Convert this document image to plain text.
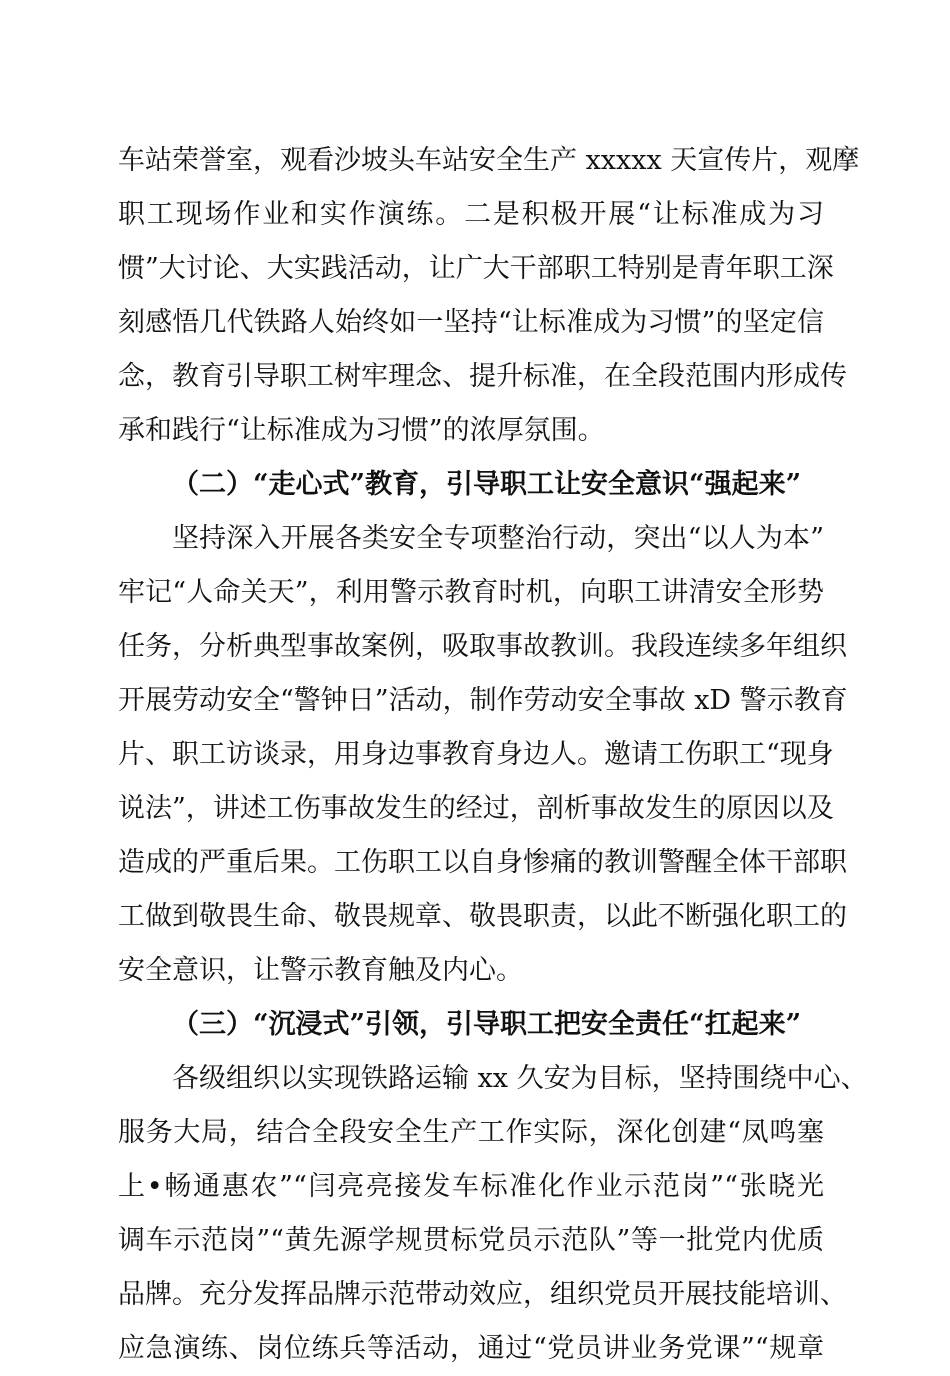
车站荣誉室，观看沙坡头车站安全生产 xxxxx 天宣传片，观摩
职工现场作业和实作演练。二是积极开展“让标准成为习
惯”大讨论、大实践活动，让广大干部职工特别是青年职工深
刻感悟几代铁路人始终如一坚持“让标准成为习惯”的坚定信
念，教育引导职工树牢理念、提升标准，在全段范围内形成传
承和践行“让标准成为习惯”的浓厚氛围。
（二）“走心式”教育，引导职工让安全意识“强起来”
坚持深入开展各类安全专项整治行动，突出“以人为本”
牢记“人命关天”，利用警示教育时机，向职工讲清安全形势
任务，分析典型事故案例，吸取事故教训。我段连续多年组织
开展劳动安全“警钟日”活动，制作劳动安全事故 xD 警示教育
片、职工访谈录，用身边事教育身边人。邀请工伤职工“现身
说法”，讲述工伤事故发生的经过，剖析事故发生的原因以及
造成的严重后果。工伤职工以自身惨痛的教训警醒全体干部职
工做到敬畏生命、敬畏规章、敬畏职责，以此不断强化职工的
安全意识，让警示教育触及内心。
（三）“沉浸式”引领，引导职工把安全责任“扛起来”
各级组织以实现铁路运输 xx 久安为目标，坚持围绕中心、
服务大局，结合全段安全生产工作实际，深化创建“凤鸣塞
上•畅通惠农”“闫亮亮接发车标准化作业示范岗”“张晓光
调车示范岗”“黄先源学规贯标党员示范队”等一批党内优质
品牌。充分发挥品牌示范带动效应，组织党员开展技能培训、
应急演练、岗位练兵等活动，通过“党员讲业务党课”“规章
